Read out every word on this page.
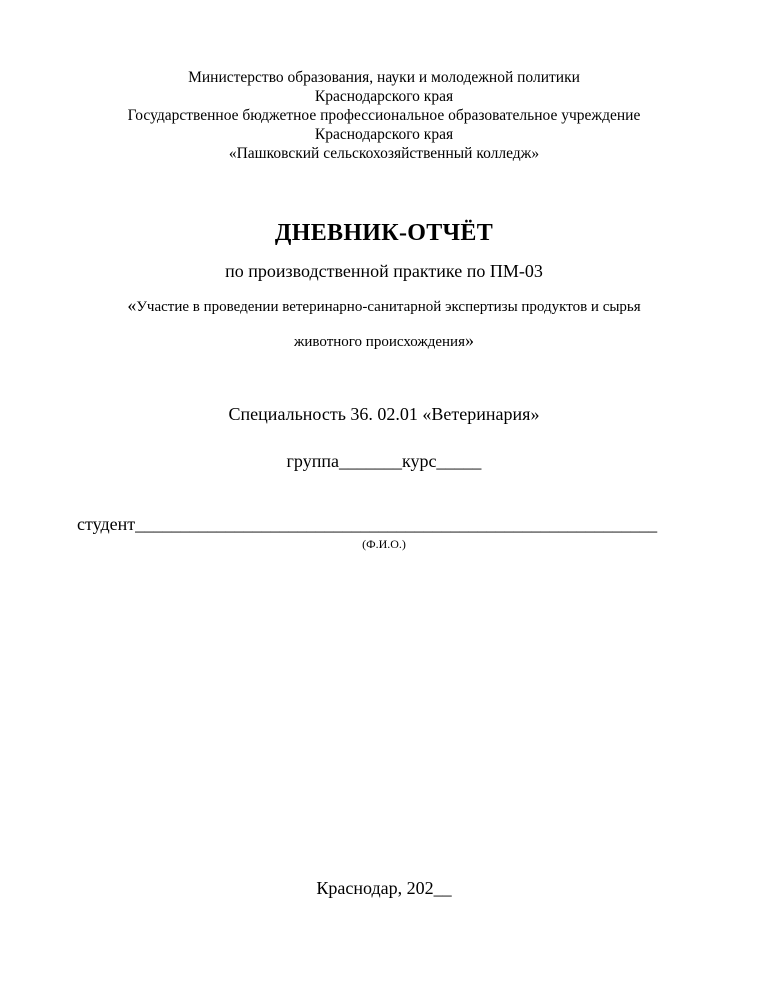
Министерство образования, науки и молодежной политики
Краснодарского края
Государственное бюджетное профессиональное образовательное учреждение
Краснодарского края
«Пашковский сельскохозяйственный колледж»
ДНЕВНИК-ОТЧЁТ
по производственной практике по ПМ-03
«Участие в проведении ветеринарно-санитарной экспертизы продуктов и сырья
животного происхождения»
Специальность 36. 02.01 «Ветеринария»
группа_______курс_____
студент__________________________________________________________
(Ф.И.О.)
Краснодар, 202__
